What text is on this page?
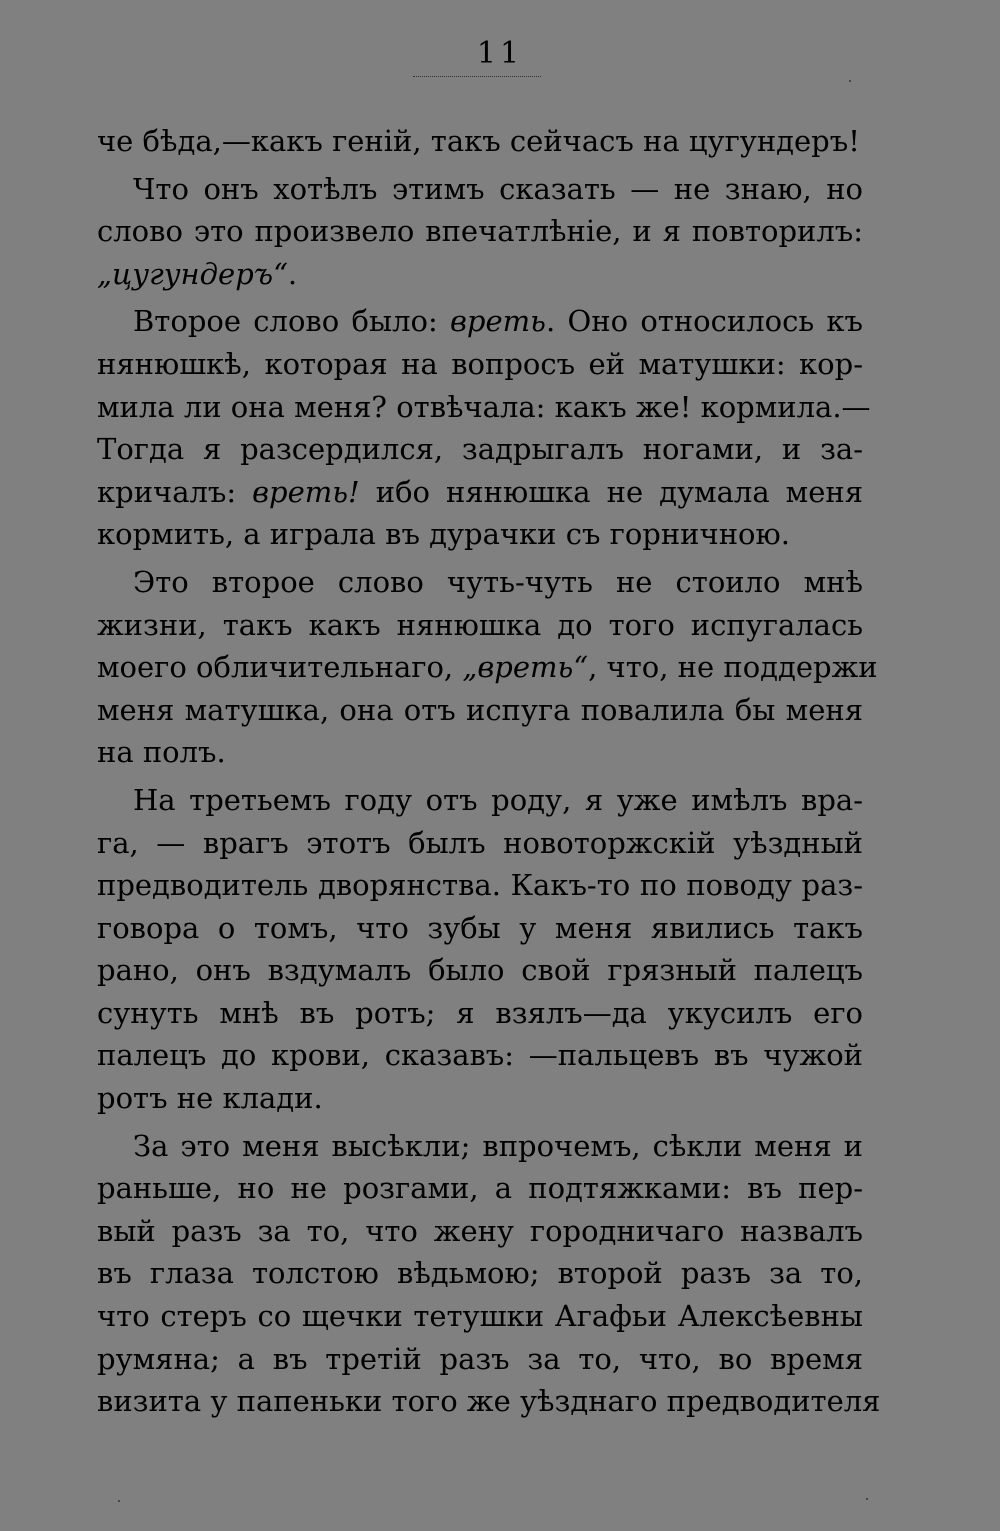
11
че бѣда,—какъ геній, такъ сейчасъ на цугундеръ!
Что онъ хотѣлъ этимъ сказать — не знаю, но
слово это произвело впечатлѣніе, и я повторилъ:
„цугундеръ“.
Второе слово было: вреть. Оно относилось къ
нянюшкѣ, которая на вопросъ ей матушки: кор-
мила ли она меня? отвѣчала: какъ же! кормила.—
Тогда я разсердился, задрыгалъ ногами, и за-
кричалъ: вреть! ибо нянюшка не думала меня
кормить, а играла въ дурачки съ горничною.
Это второе слово чуть-чуть не стоило мнѣ
жизни, такъ какъ нянюшка до того испугалась
моего обличительнаго, „вреть“, что, не поддержи
меня матушка, она отъ испуга повалила бы меня
на полъ.
На третьемъ году отъ роду, я уже имѣлъ вра-
га, — врагъ этотъ былъ новоторжскій уѣздный
предводитель дворянства. Какъ-то по поводу раз-
говора о томъ, что зубы у меня явились такъ
рано, онъ вздумалъ было свой грязный палецъ
сунуть мнѣ въ ротъ; я взялъ—да укусилъ его
палецъ до крови, сказавъ: —пальцевъ въ чужой
ротъ не клади.
За это меня высѣкли; впрочемъ, сѣкли меня и
раньше, но не розгами, а подтяжками: въ пер-
вый разъ за то, что жену городничаго назвалъ
въ глаза толстою вѣдьмою; второй разъ за то,
что стеръ со щечки тетушки Агафьи Алексѣевны
румяна; а въ третій разъ за то, что, во время
визита у папеньки того же уѣзднаго предводителя
